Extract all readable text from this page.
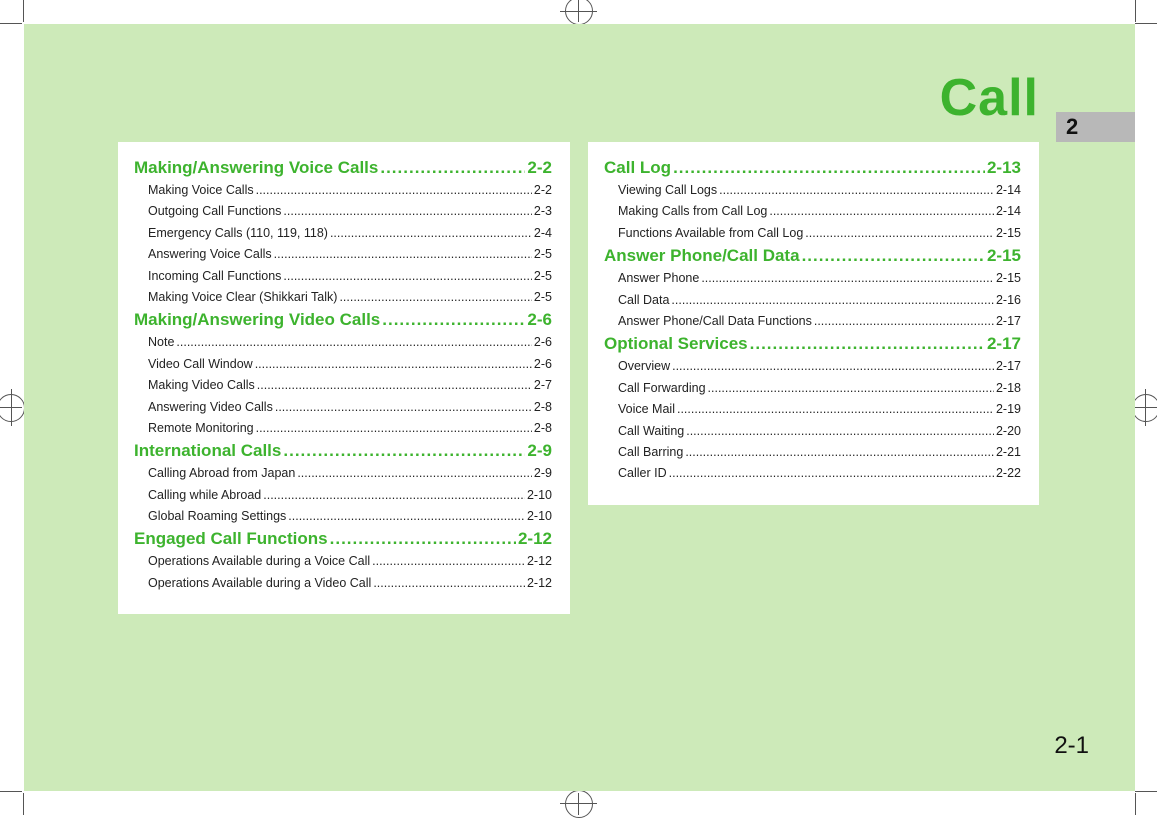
Call	2
Making/Answering Voice Calls .....	2-2
Making Voice Calls .....	2-2
Outgoing Call Functions .....	2-3
Emergency Calls (110, 119, 118) .....	2-4
Answering Voice Calls .....	2-5
Incoming Call Functions .....	2-5
Making Voice Clear (Shikkari Talk) .....	2-5
Making/Answering Video Calls .....	2-6
Note .....	2-6
Video Call Window .....	2-6
Making Video Calls .....	2-7
Answering Video Calls .....	2-8
Remote Monitoring .....	2-8
International Calls .....	2-9
Calling Abroad from Japan .....	2-9
Calling while Abroad .....	2-10
Global Roaming Settings .....	2-10
Engaged Call Functions .....	2-12
Operations Available during a Voice Call .....	2-12
Operations Available during a Video Call .....	2-12
Call Log .....	2-13
Viewing Call Logs .....	2-14
Making Calls from Call Log .....	2-14
Functions Available from Call Log .....	2-15
Answer Phone/Call Data .....	2-15
Answer Phone .....	2-15
Call Data .....	2-16
Answer Phone/Call Data Functions .....	2-17
Optional Services .....	2-17
Overview .....	2-17
Call Forwarding .....	2-18
Voice Mail .....	2-19
Call Waiting .....	2-20
Call Barring .....	2-21
Caller ID .....	2-22
2-1
